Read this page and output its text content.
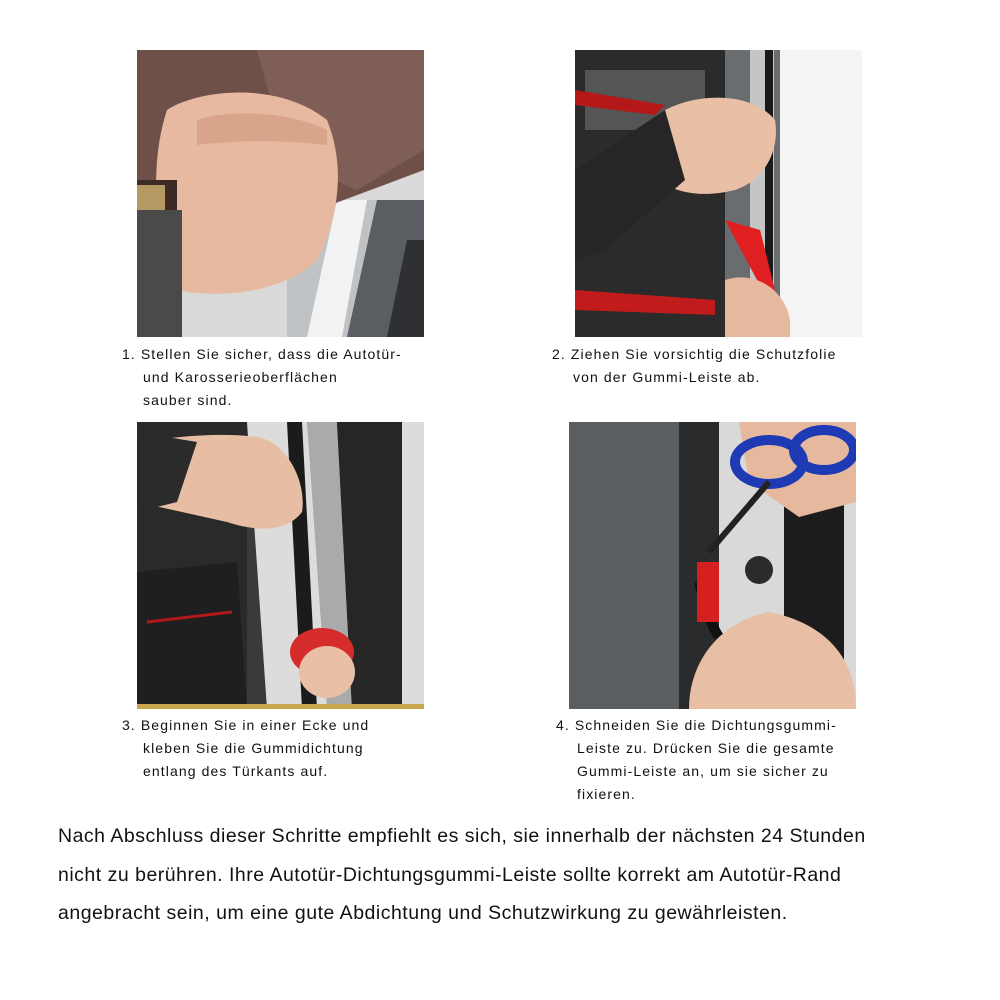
1. Stellen Sie sicher, dass die Autotür-
und Karosserieoberflächen
sauber sind.
2. Ziehen Sie vorsichtig die Schutzfolie
von der Gummi-Leiste ab.
3. Beginnen Sie in einer Ecke und
kleben Sie die Gummidichtung
entlang des Türkants auf.
4. Schneiden Sie die Dichtungsgummi-
Leiste zu. Drücken Sie die gesamte
Gummi-Leiste an, um sie sicher zu
fixieren.
Nach Abschluss dieser Schritte empfiehlt es sich, sie innerhalb der nächsten 24 Stunden
nicht zu berühren. Ihre Autotür-Dichtungsgummi-Leiste sollte korrekt am Autotür-Rand
angebracht sein, um eine gute Abdichtung und Schutzwirkung zu gewährleisten.
